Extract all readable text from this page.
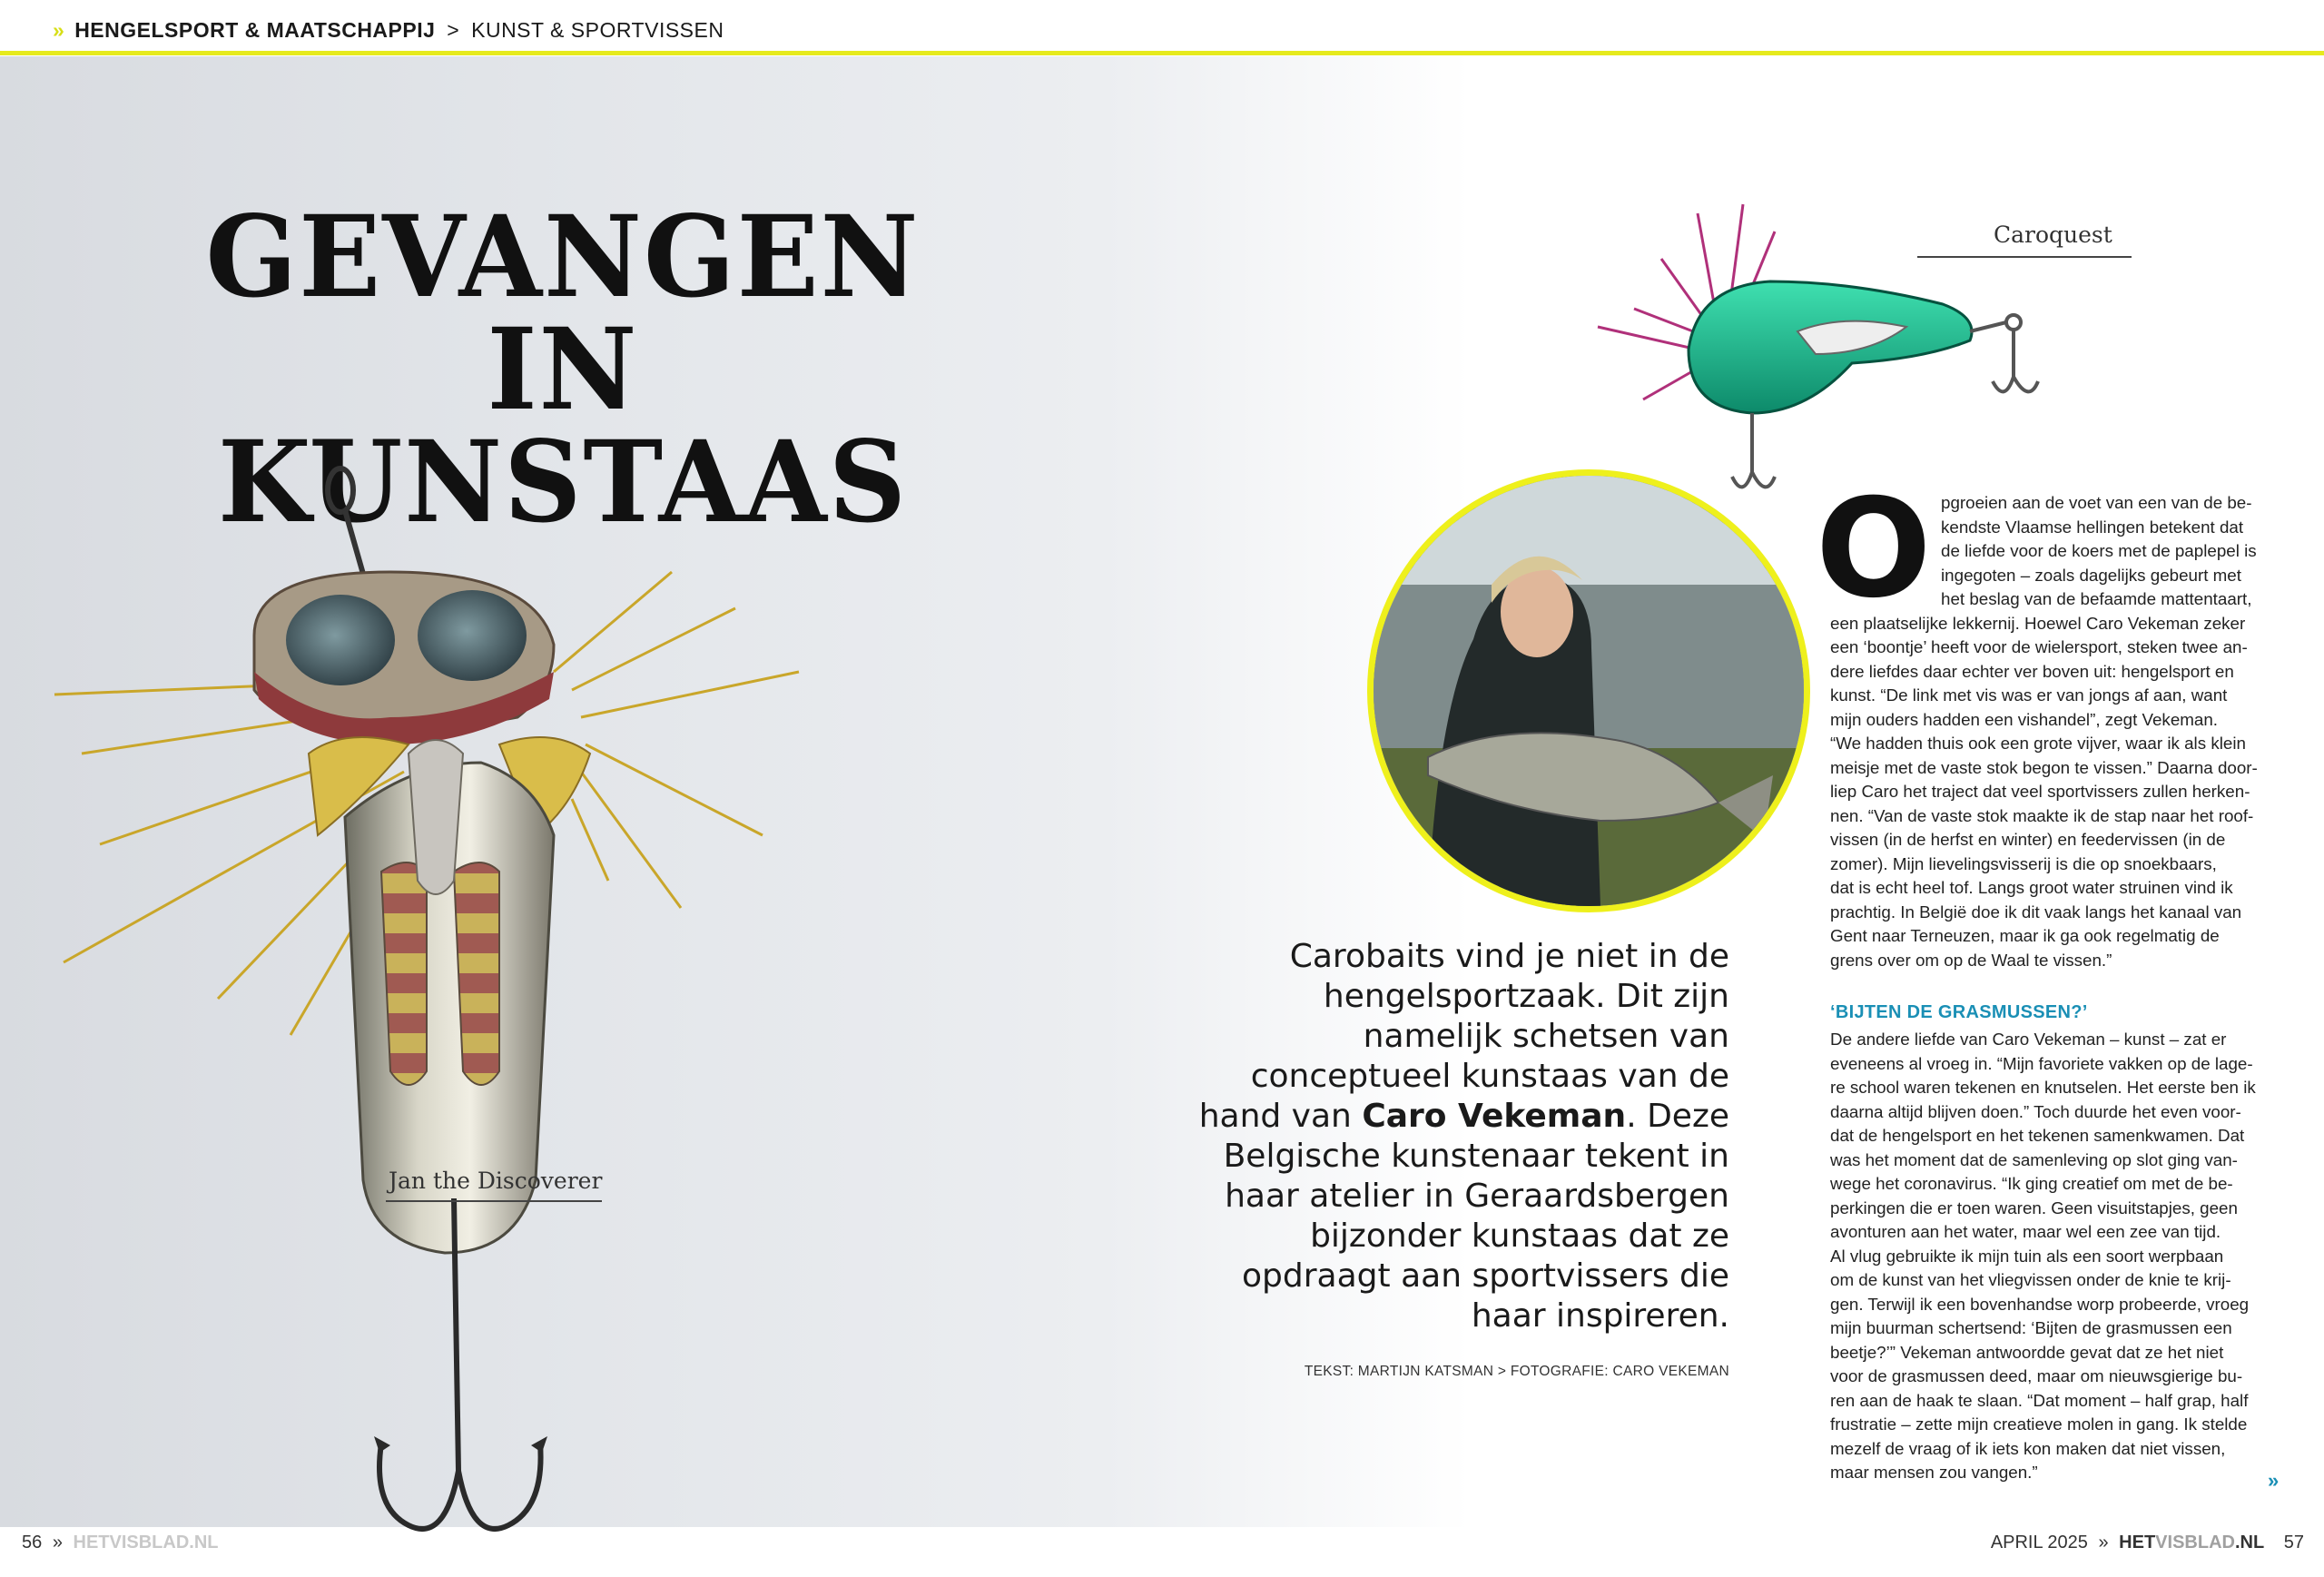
» HENGELSPORT & MAATSCHAPPIJ > KUNST & SPORTVISSEN
GEVANGEN IN
KUNSTAAS
Jan the Discoverer
Caroquest
Carobaits vind je niet in de hengelsportzaak. Dit zijn namelijk schetsen van conceptueel kunstaas van de hand van Caro Vekeman. Deze Belgische kunstenaar tekent in haar atelier in Geraardsbergen bijzonder kunstaas dat ze opdraagt aan sportvissers die haar inspireren.
TEKST: MARTIJN KATSMAN > FOTOGRAFIE: CARO VEKEMAN
O pgroeien aan de voet van een van de be-

kendste Vlaamse hellingen betekent dat

de liefde voor de koers met de paplepel is

ingegoten – zoals dagelijks gebeurt met

het beslag van de befaamde mattentaart,

een plaatselijke lekkernij. Hoewel Caro Vekeman zeker

een ‘boontje’ heeft voor de wielersport, steken twee an-

dere liefdes daar echter ver boven uit: hengelsport en

kunst. “De link met vis was er van jongs af aan, want

mijn ouders hadden een vishandel”, zegt Vekeman.

“We hadden thuis ook een grote vijver, waar ik als klein

meisje met de vaste stok begon te vissen.” Daarna door-

liep Caro het traject dat veel sportvissers zullen herken-

nen. “Van de vaste stok maakte ik de stap naar het roof-

vissen (in de herfst en winter) en feedervissen (in de

zomer). Mijn lievelingsvisserij is die op snoekbaars,

dat is echt heel tof. Langs groot water struinen vind ik

prachtig. In België doe ik dit vaak langs het kanaal van

Gent naar Terneuzen, maar ik ga ook regelmatig de

grens over om op de Waal te vissen.”

‘BIJTEN DE GRASMUSSEN?’

De andere liefde van Caro Vekeman – kunst – zat er

eveneens al vroeg in. “Mijn favoriete vakken op de lage-

re school waren tekenen en knutselen. Het eerste ben ik

daarna altijd blijven doen.” Toch duurde het even voor-

dat de hengelsport en het tekenen samenkwamen. Dat

was het moment dat de samenleving op slot ging van-

wege het coronavirus. “Ik ging creatief om met de be-

perkingen die er toen waren. Geen visuitstapjes, geen

avonturen aan het water, maar wel een zee van tijd.

Al vlug gebruikte ik mijn tuin als een soort werpbaan

om de kunst van het vliegvissen onder de knie te krij-

gen. Terwijl ik een bovenhandse worp probeerde, vroeg

mijn buurman schertsend: ‘Bijten de grasmussen een

beetje?’” Vekeman antwoordde gevat dat ze het niet

voor de grasmussen deed, maar om nieuwsgierige bu-

ren aan de haak te slaan. “Dat moment – half grap, half

frustratie – zette mijn creatieve molen in gang. Ik stelde

mezelf de vraag of ik iets kon maken dat niet vissen,

maar mensen zou vangen.”	»
56 » HETVISBLAD.NL	APRIL 2025 » HETVISBLAD.NL 57
